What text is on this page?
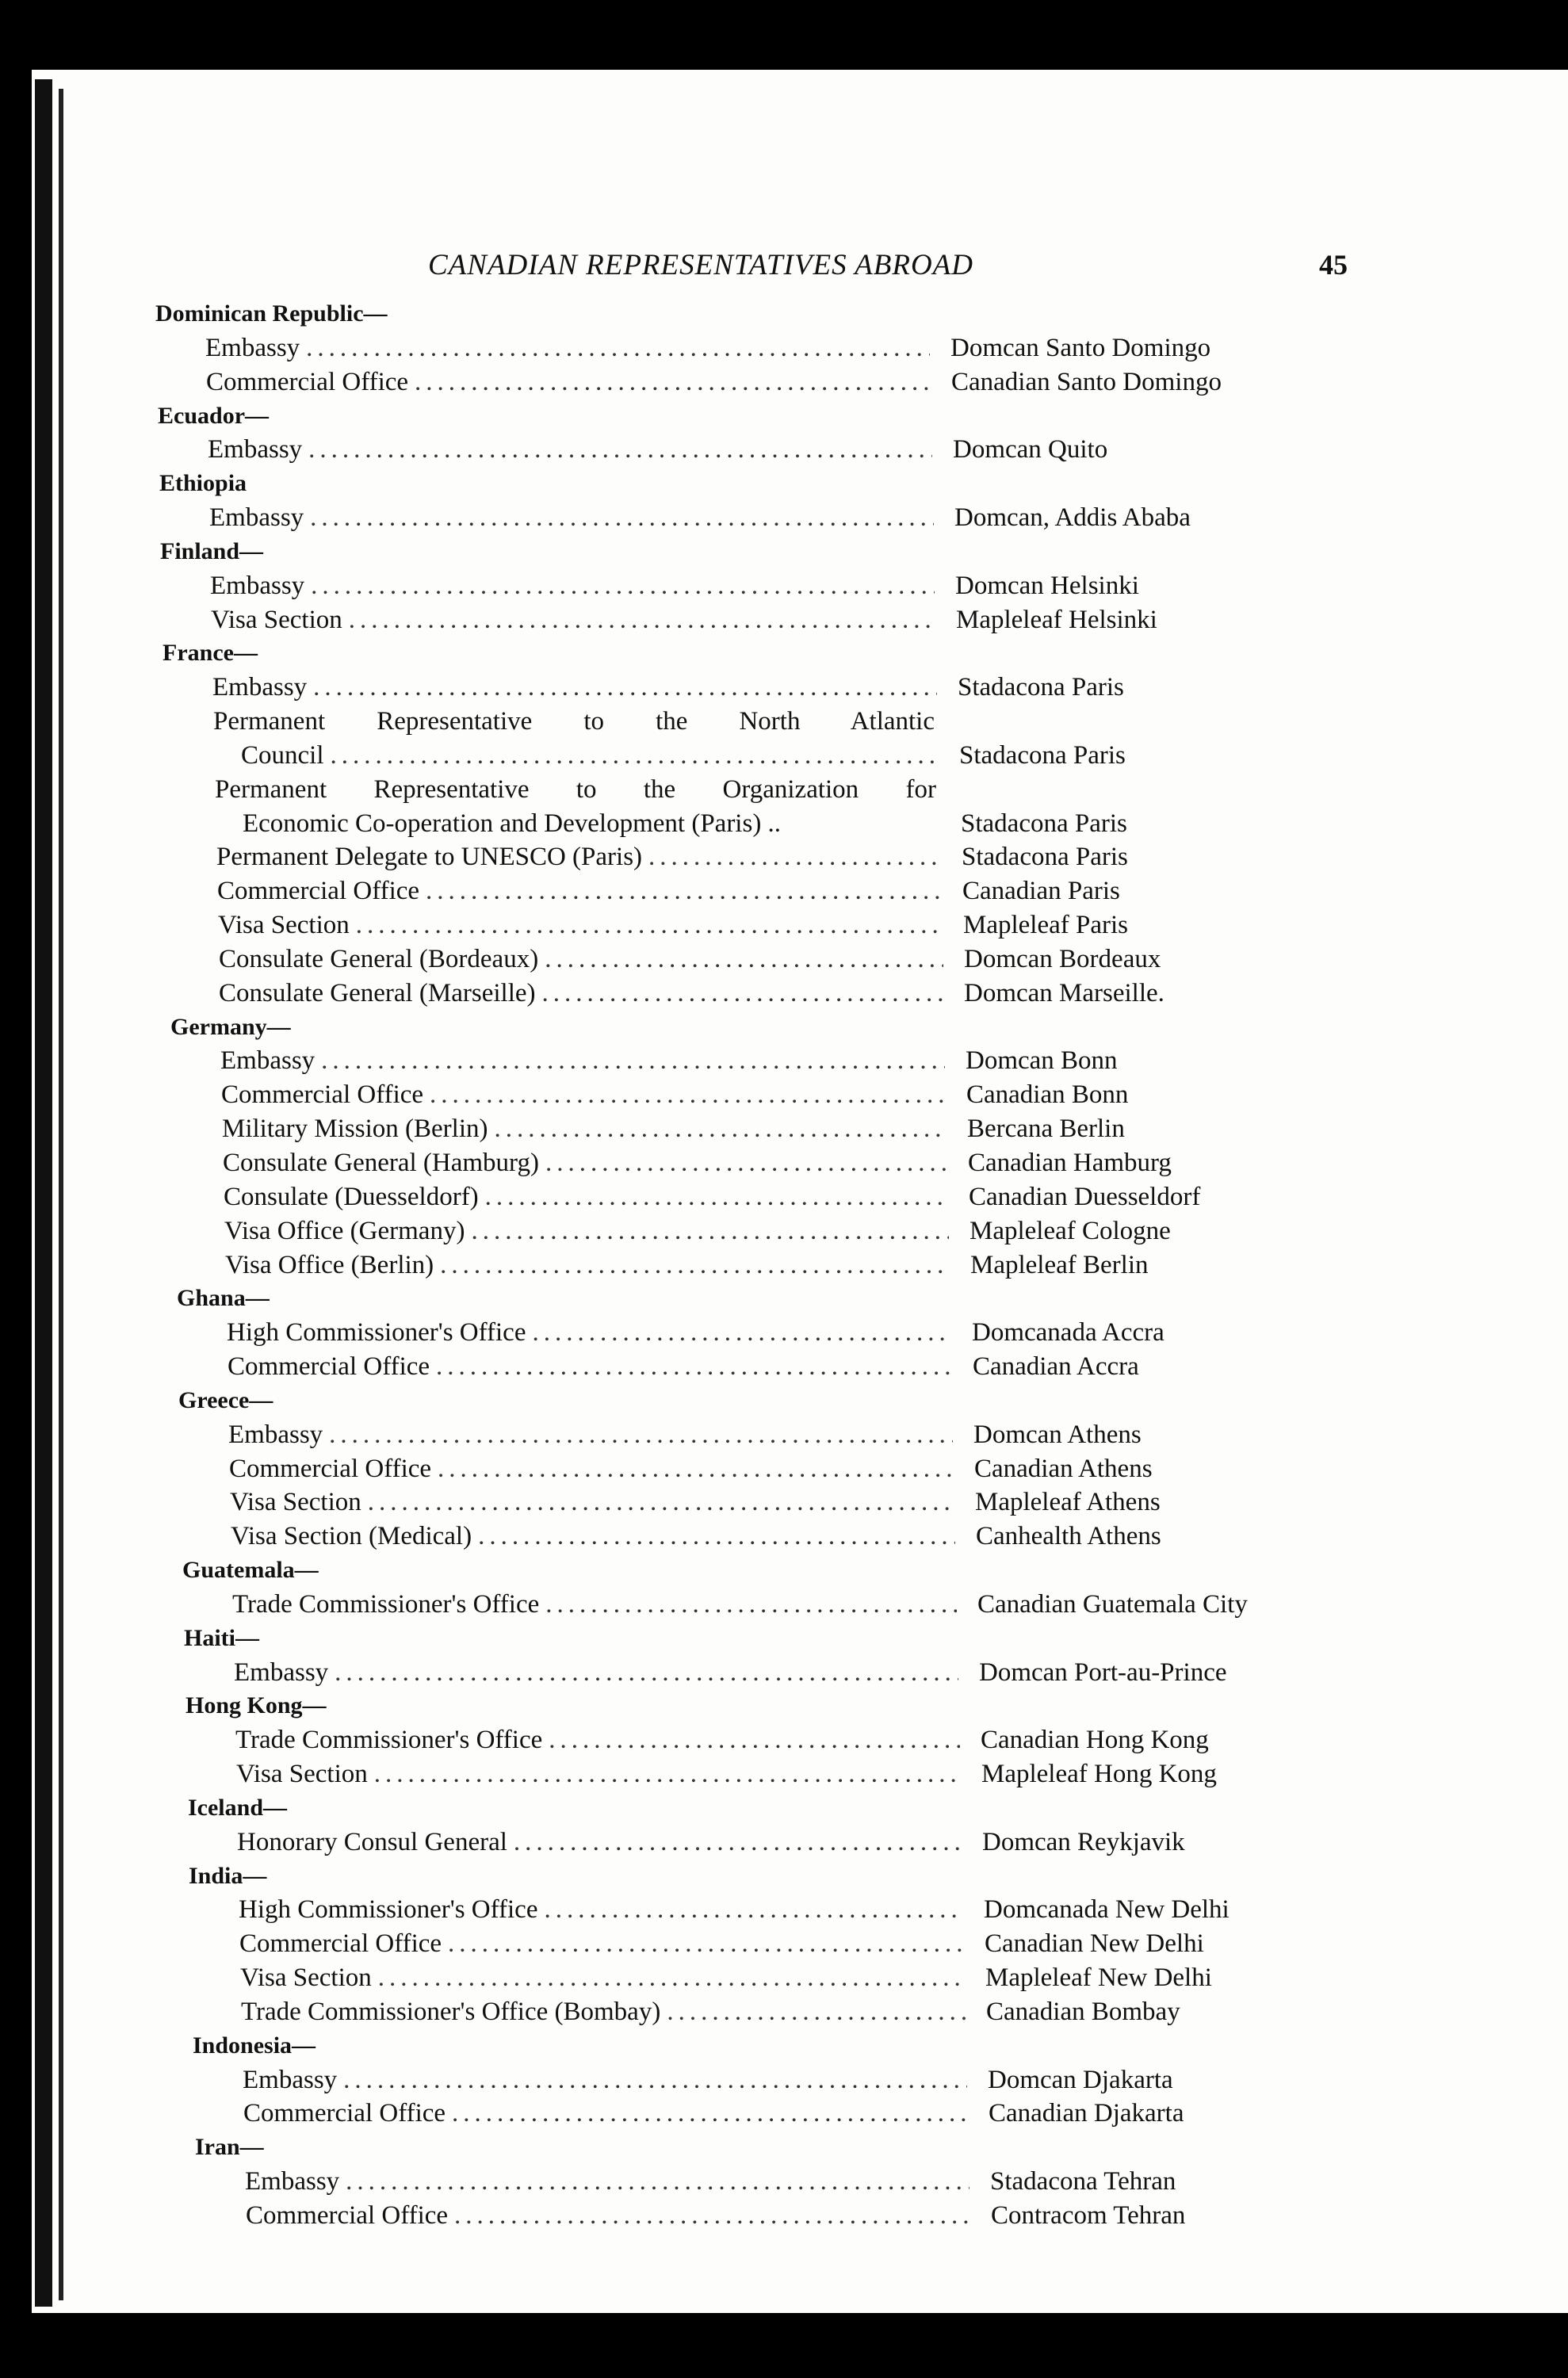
CANADIAN REPRESENTATIVES ABROAD	45
Dominican Republic—
Embassy .....	Domcan Santo Domingo
Commercial Office .....	Canadian Santo Domingo
Ecuador—
Embassy .....	Domcan Quito
Ethiopia
Embassy .....	Domcan, Addis Ababa
Finland—
Embassy .....	Domcan Helsinki
Visa Section .....	Mapleleaf Helsinki
France—
Embassy .....	Stadacona Paris
Permanent Representative to the North Atlantic
Council .....	Stadacona Paris
Permanent Representative to the Organization for
Economic Co-operation and Development (Paris) ..	Stadacona Paris
Permanent Delegate to UNESCO (Paris) .....	Stadacona Paris
Commercial Office .....	Canadian Paris
Visa Section .....	Mapleleaf Paris
Consulate General (Bordeaux) .....	Domcan Bordeaux
Consulate General (Marseille) .....	Domcan Marseille.
Germany—
Embassy .....	Domcan Bonn
Commercial Office .....	Canadian Bonn
Military Mission (Berlin) .....	Bercana Berlin
Consulate General (Hamburg) .....	Canadian Hamburg
Consulate (Duesseldorf) .....	Canadian Duesseldorf
Visa Office (Germany) .....	Mapleleaf Cologne
Visa Office (Berlin) .....	Mapleleaf Berlin
Ghana—
High Commissioner's Office .....	Domcanada Accra
Commercial Office .....	Canadian Accra
Greece—
Embassy .....	Domcan Athens
Commercial Office .....	Canadian Athens
Visa Section .....	Mapleleaf Athens
Visa Section (Medical) .....	Canhealth Athens
Guatemala—
Trade Commissioner's Office .....	Canadian Guatemala City
Haiti—
Embassy .....	Domcan Port-au-Prince
Hong Kong—
Trade Commissioner's Office .....	Canadian Hong Kong
Visa Section .....	Mapleleaf Hong Kong
Iceland—
Honorary Consul General .....	Domcan Reykjavik
India—
High Commissioner's Office .....	Domcanada New Delhi
Commercial Office .....	Canadian New Delhi
Visa Section .....	Mapleleaf New Delhi
Trade Commissioner's Office (Bombay) .....	Canadian Bombay
Indonesia—
Embassy .....	Domcan Djakarta
Commercial Office .....	Canadian Djakarta
Iran—
Embassy .....	Stadacona Tehran
Commercial Office .....	Contracom Tehran
